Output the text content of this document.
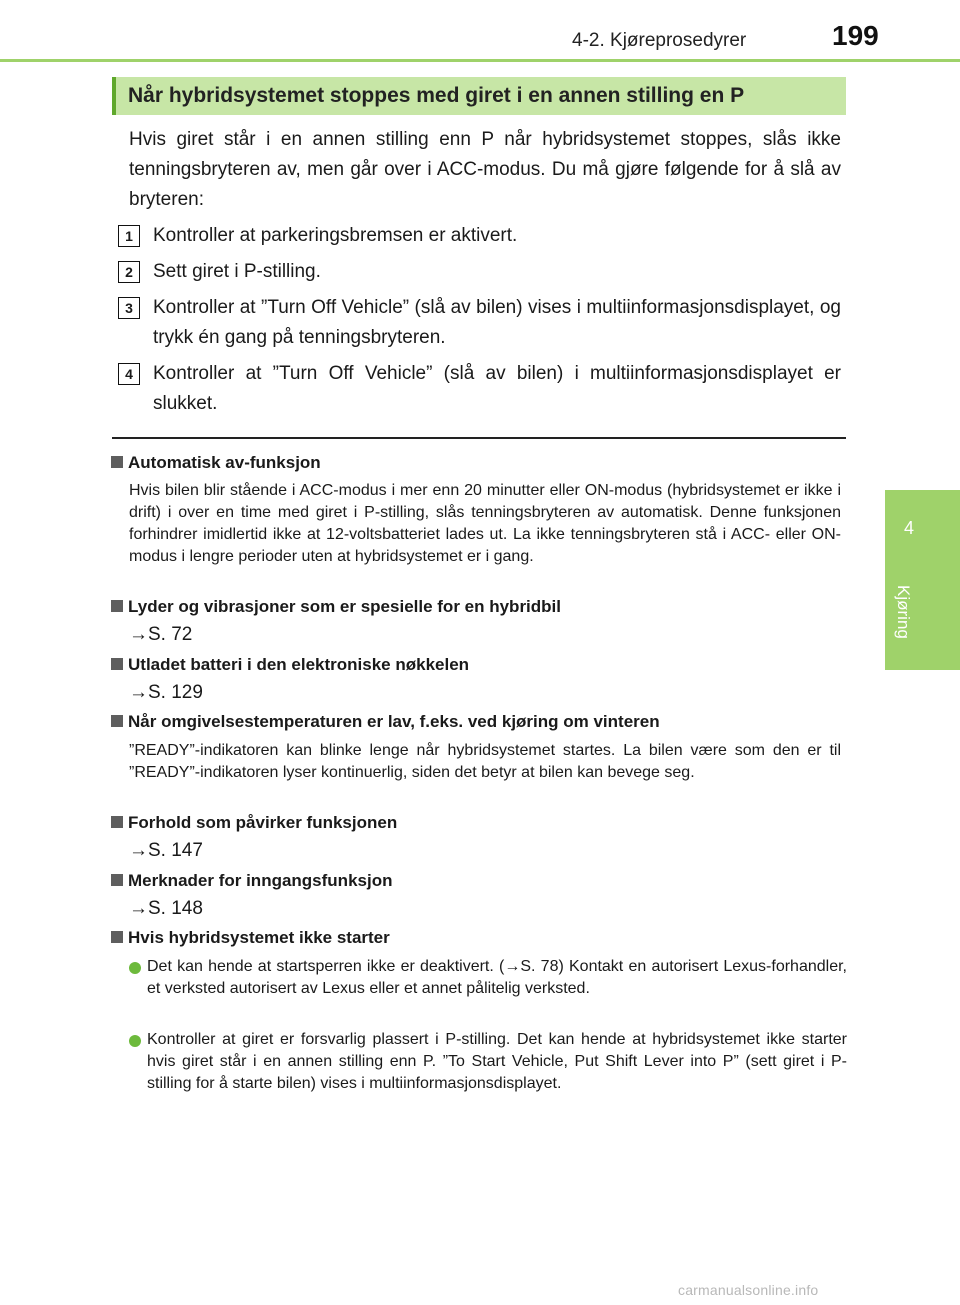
4-2. Kjøreprosedyrer	199
4
Kjøring
Når hybridsystemet stoppes med giret i en annen stilling en P
Hvis giret står i en annen stilling enn P når hybridsystemet stoppes, slås ikke tenningsbryteren av, men går over i ACC-modus. Du må gjøre følgende for å slå av bryteren:
1	Kontroller at parkeringsbremsen er aktivert.
2	Sett giret i P-stilling.
3	Kontroller at ”Turn Off Vehicle” (slå av bilen) vises i multiinformasjonsdisplayet, og trykk én gang på tenningsbryteren.
4	Kontroller at ”Turn Off Vehicle” (slå av bilen) i multiinformasjonsdisplayet er slukket.
Automatisk av-funksjon
Hvis bilen blir stående i ACC-modus i mer enn 20 minutter eller ON-modus (hybridsystemet er ikke i drift) i over en time med giret i P-stilling, slås tenningsbryteren av automatisk. Denne funksjonen forhindrer imidlertid ikke at 12-voltsbatteriet lades ut. La ikke tenningsbryteren stå i ACC- eller ON-modus i lengre perioder uten at hybridsystemet er i gang.
Lyder og vibrasjoner som er spesielle for en hybridbil
→S. 72
Utladet batteri i den elektroniske nøkkelen
→S. 129
Når omgivelsestemperaturen er lav, f.eks. ved kjøring om vinteren
”READY”-indikatoren kan blinke lenge når hybridsystemet startes. La bilen være som den er til ”READY”-indikatoren lyser kontinuerlig, siden det betyr at bilen kan bevege seg.
Forhold som påvirker funksjonen
→S. 147
Merknader for inngangsfunksjon
→S. 148
Hvis hybridsystemet ikke starter
Det kan hende at startsperren ikke er deaktivert. (→S. 78) Kontakt en autorisert Lexus-forhandler, et verksted autorisert av Lexus eller et annet pålitelig verksted.
Kontroller at giret er forsvarlig plassert i P-stilling. Det kan hende at hybridsystemet ikke starter hvis giret står i en annen stilling enn P. ”To Start Vehicle, Put Shift Lever into P” (sett giret i P-stilling for å starte bilen) vises i multiinformasjonsdisplayet.
carmanualsonline.info
